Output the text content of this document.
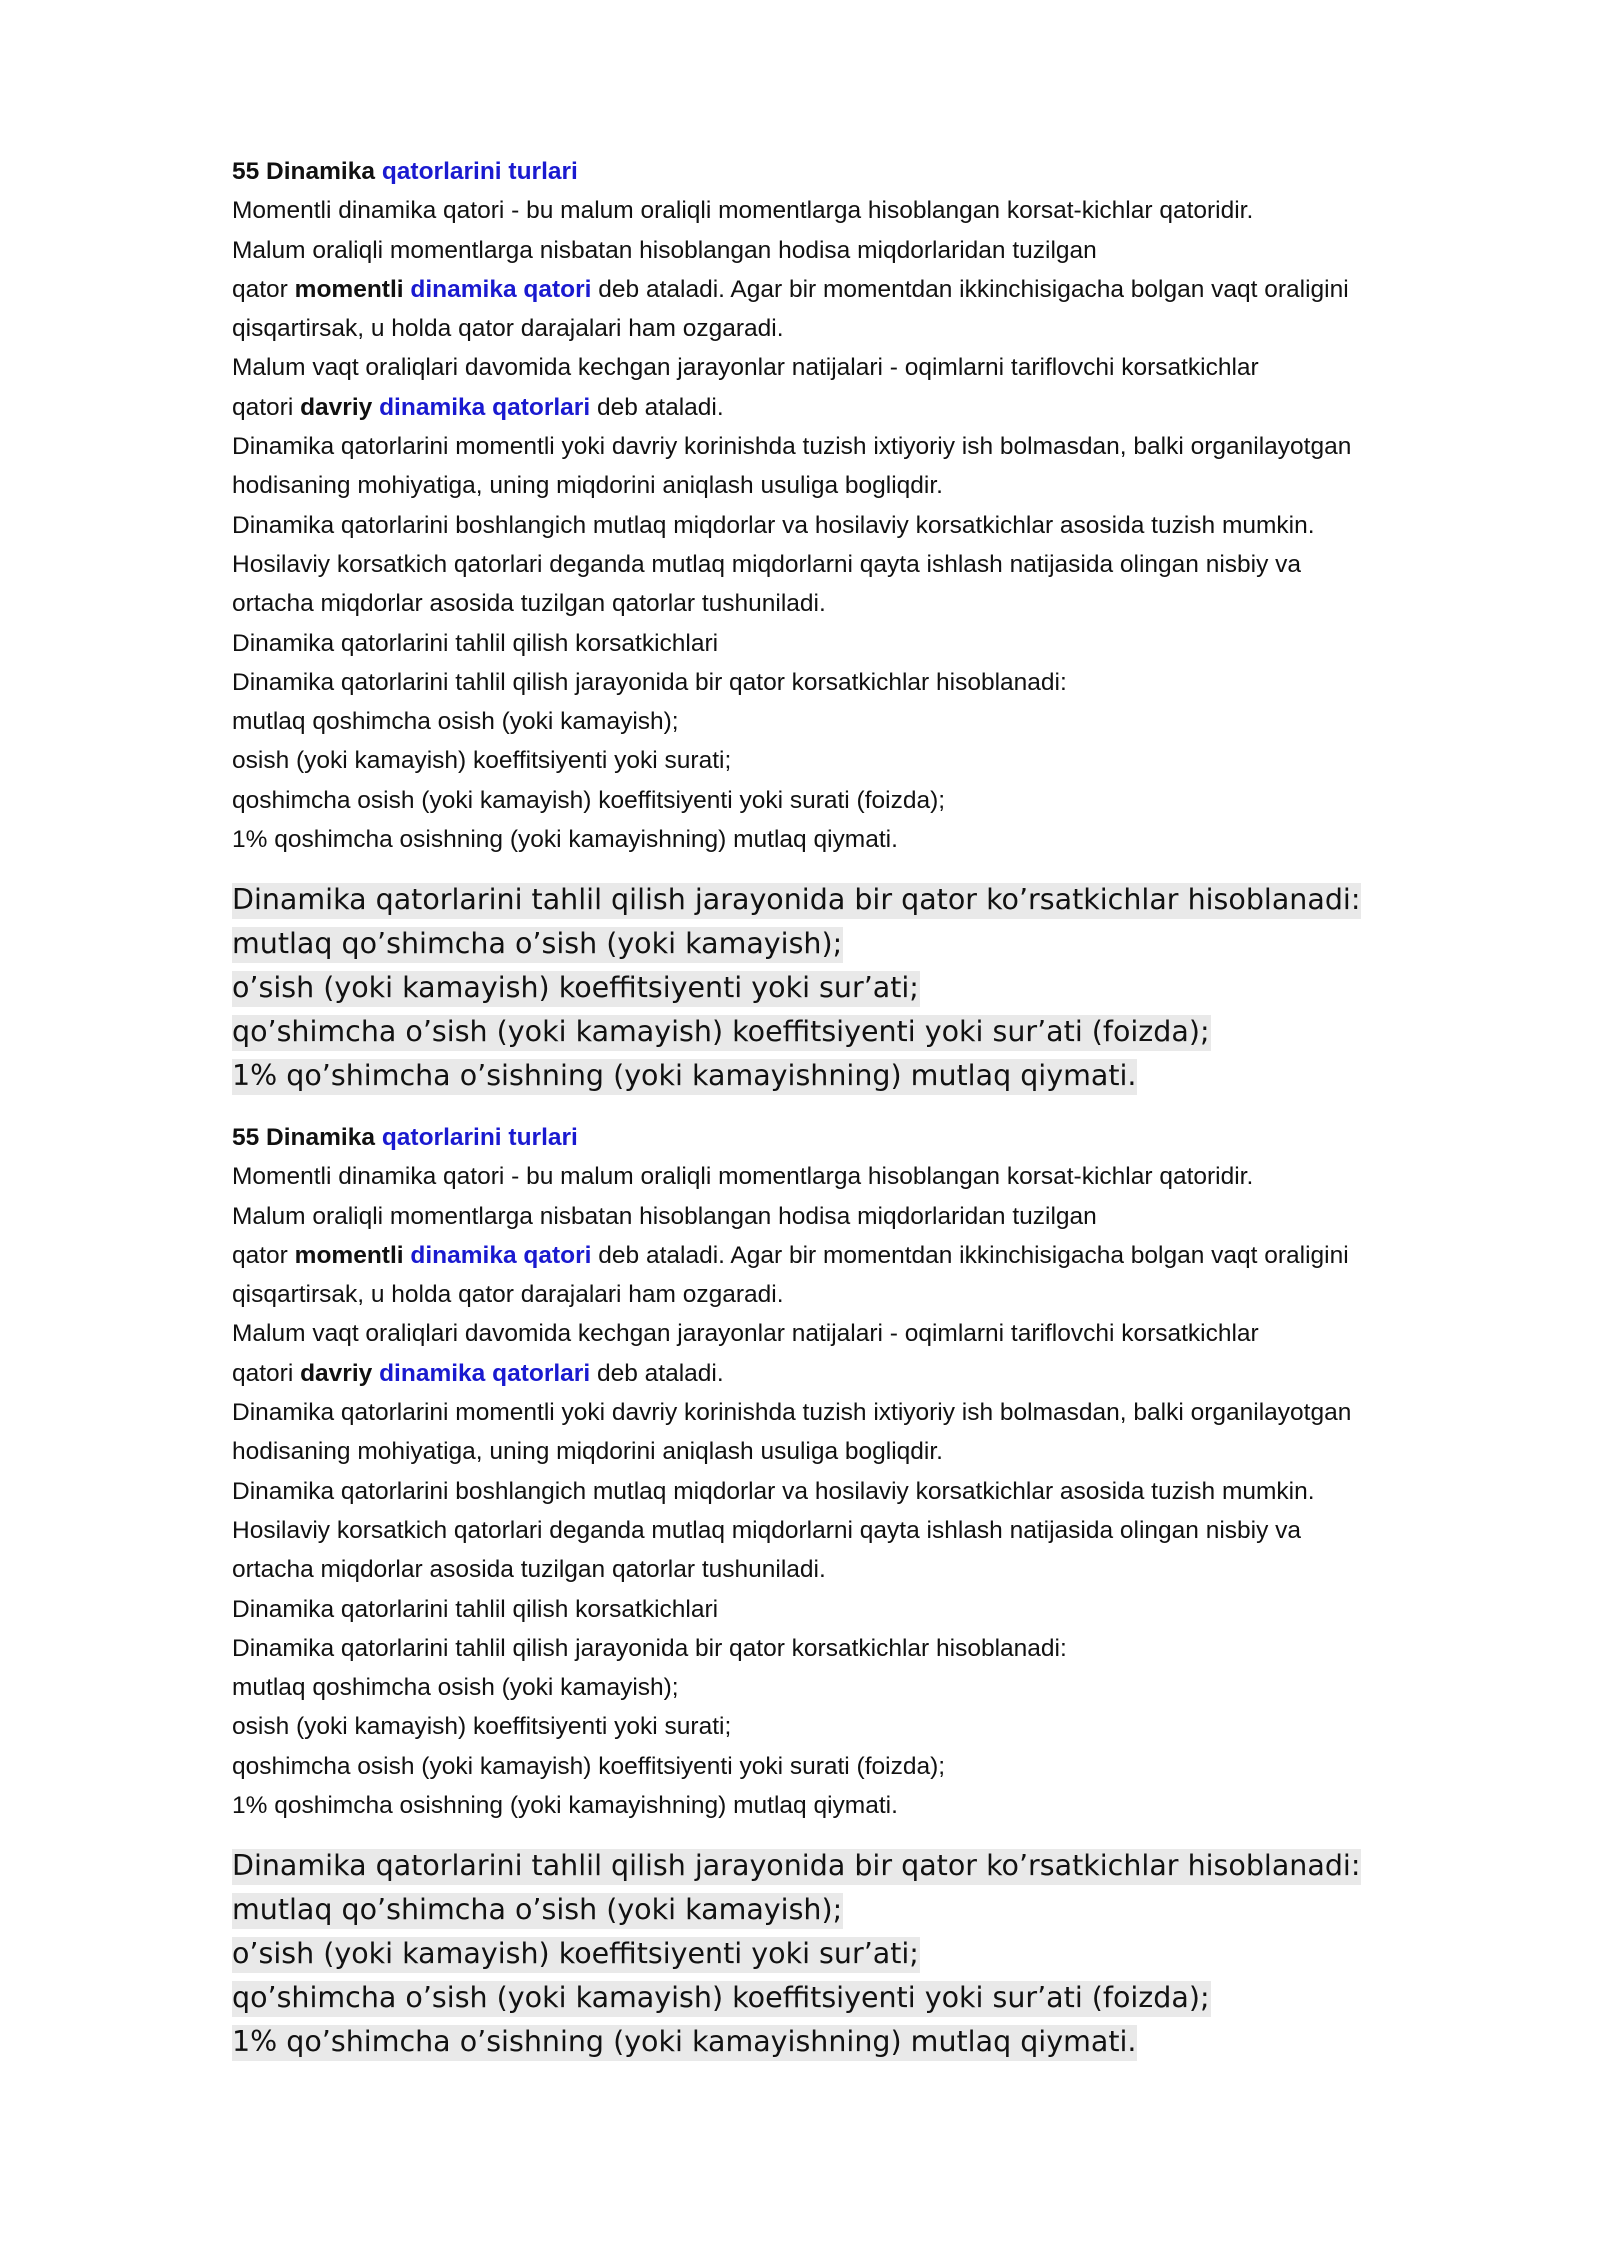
55 Dinamika qatorlarini turlari
Momentli dinamika qatori - bu malum oraliqli momentlarga hisoblangan korsat-kichlar qatoridir.
Malum oraliqli momentlarga nisbatan hisoblangan hodisa miqdorlaridan tuzilgan
qator momentli dinamika qatori deb ataladi. Agar bir momentdan ikkinchisigacha bolgan vaqt oraligini
qisqartirsak, u holda qator darajalari ham ozgaradi.
Malum vaqt oraliqlari davomida kechgan jarayonlar natijalari - oqimlarni tariflovchi korsatkichlar
qatori davriy dinamika qatorlari deb ataladi.
Dinamika qatorlarini momentli yoki davriy korinishda tuzish ixtiyoriy ish bolmasdan, balki organilayotgan
hodisaning mohiyatiga, uning miqdorini aniqlash usuliga bogliqdir.
Dinamika qatorlarini boshlangich mutlaq miqdorlar va hosilaviy korsatkichlar asosida tuzish mumkin.
Hosilaviy korsatkich qatorlari deganda mutlaq miqdorlarni qayta ishlash natijasida olingan nisbiy va
ortacha miqdorlar asosida tuzilgan qatorlar tushuniladi.
Dinamika qatorlarini tahlil qilish korsatkichlari
Dinamika qatorlarini tahlil qilish jarayonida bir qator korsatkichlar hisoblanadi:
mutlaq qoshimcha osish (yoki kamayish);
osish (yoki kamayish) koeffitsiyenti yoki surati;
qoshimcha osish (yoki kamayish) koeffitsiyenti yoki surati (foizda);
1% qoshimcha osishning (yoki kamayishning) mutlaq qiymati.
Dinamika qatorlarini tahlil qilish jarayonida bir qator ko’rsatkichlar hisoblanadi:
mutlaq qo’shimcha o’sish (yoki kamayish);
o’sish (yoki kamayish) koeffitsiyenti yoki sur’ati;
qo’shimcha o’sish (yoki kamayish) koeffitsiyenti yoki sur’ati (foizda);
1% qo’shimcha o’sishning (yoki kamayishning) mutlaq qiymati.
55 Dinamika qatorlarini turlari
Momentli dinamika qatori - bu malum oraliqli momentlarga hisoblangan korsat-kichlar qatoridir.
Malum oraliqli momentlarga nisbatan hisoblangan hodisa miqdorlaridan tuzilgan
qator momentli dinamika qatori deb ataladi. Agar bir momentdan ikkinchisigacha bolgan vaqt oraligini
qisqartirsak, u holda qator darajalari ham ozgaradi.
Malum vaqt oraliqlari davomida kechgan jarayonlar natijalari - oqimlarni tariflovchi korsatkichlar
qatori davriy dinamika qatorlari deb ataladi.
Dinamika qatorlarini momentli yoki davriy korinishda tuzish ixtiyoriy ish bolmasdan, balki organilayotgan
hodisaning mohiyatiga, uning miqdorini aniqlash usuliga bogliqdir.
Dinamika qatorlarini boshlangich mutlaq miqdorlar va hosilaviy korsatkichlar asosida tuzish mumkin.
Hosilaviy korsatkich qatorlari deganda mutlaq miqdorlarni qayta ishlash natijasida olingan nisbiy va
ortacha miqdorlar asosida tuzilgan qatorlar tushuniladi.
Dinamika qatorlarini tahlil qilish korsatkichlari
Dinamika qatorlarini tahlil qilish jarayonida bir qator korsatkichlar hisoblanadi:
mutlaq qoshimcha osish (yoki kamayish);
osish (yoki kamayish) koeffitsiyenti yoki surati;
qoshimcha osish (yoki kamayish) koeffitsiyenti yoki surati (foizda);
1% qoshimcha osishning (yoki kamayishning) mutlaq qiymati.
Dinamika qatorlarini tahlil qilish jarayonida bir qator ko’rsatkichlar hisoblanadi:
mutlaq qo’shimcha o’sish (yoki kamayish);
o’sish (yoki kamayish) koeffitsiyenti yoki sur’ati;
qo’shimcha o’sish (yoki kamayish) koeffitsiyenti yoki sur’ati (foizda);
1% qo’shimcha o’sishning (yoki kamayishning) mutlaq qiymati.
